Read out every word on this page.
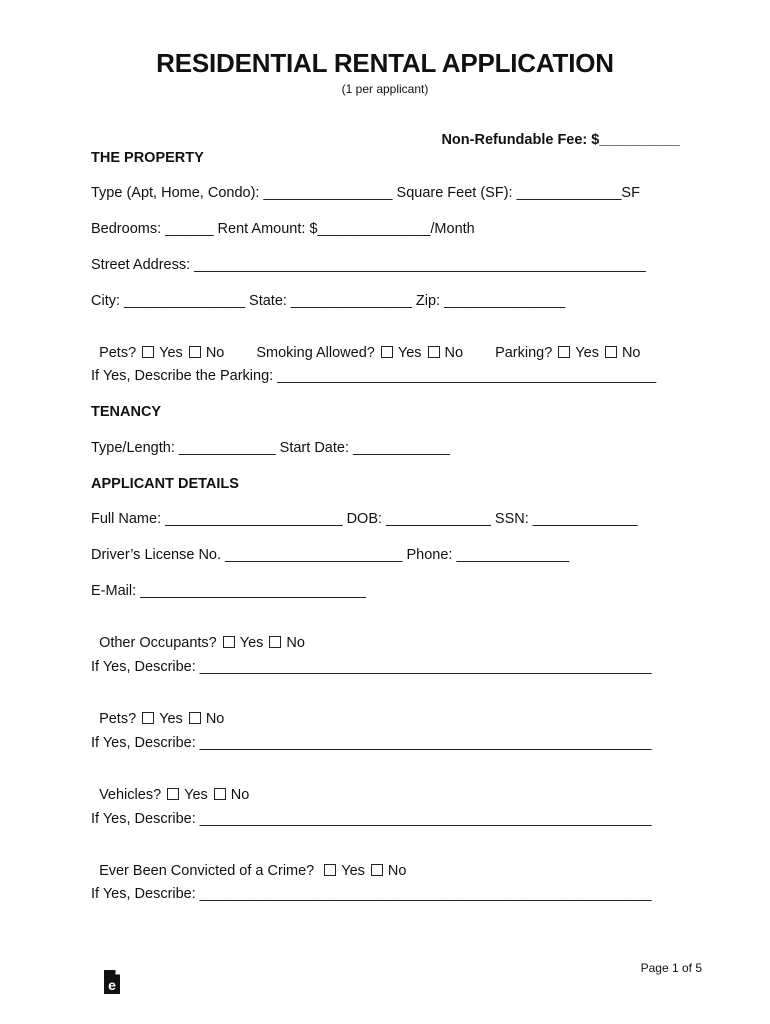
RESIDENTIAL RENTAL APPLICATION
(1 per applicant)
Non-Refundable Fee: $__________
THE PROPERTY
Type (Apt, Home, Condo): ________________ Square Feet (SF): _____________SF
Bedrooms: ______ Rent Amount: $______________/Month
Street Address: ________________________________________________________
City: _______________ State: _______________ Zip: _______________

Pets? Yes No Smoking Allowed? Yes No Parking? Yes No

If Yes, Describe the Parking: _______________________________________________
TENANCY
Type/Length: ____________ Start Date: ____________
APPLICANT DETAILS
Full Name: ______________________ DOB: _____________ SSN: _____________
Driver’s License No. ______________________ Phone: ______________
E-Mail: ____________________________

Other Occupants? Yes No

If Yes, Describe: ________________________________________________________

Pets? Yes No

If Yes, Describe: ________________________________________________________

Vehicles? Yes No

If Yes, Describe: ________________________________________________________

Ever Been Convicted of a Crime? Yes No

If Yes, Describe: ________________________________________________________

e

Page 1 of 5
